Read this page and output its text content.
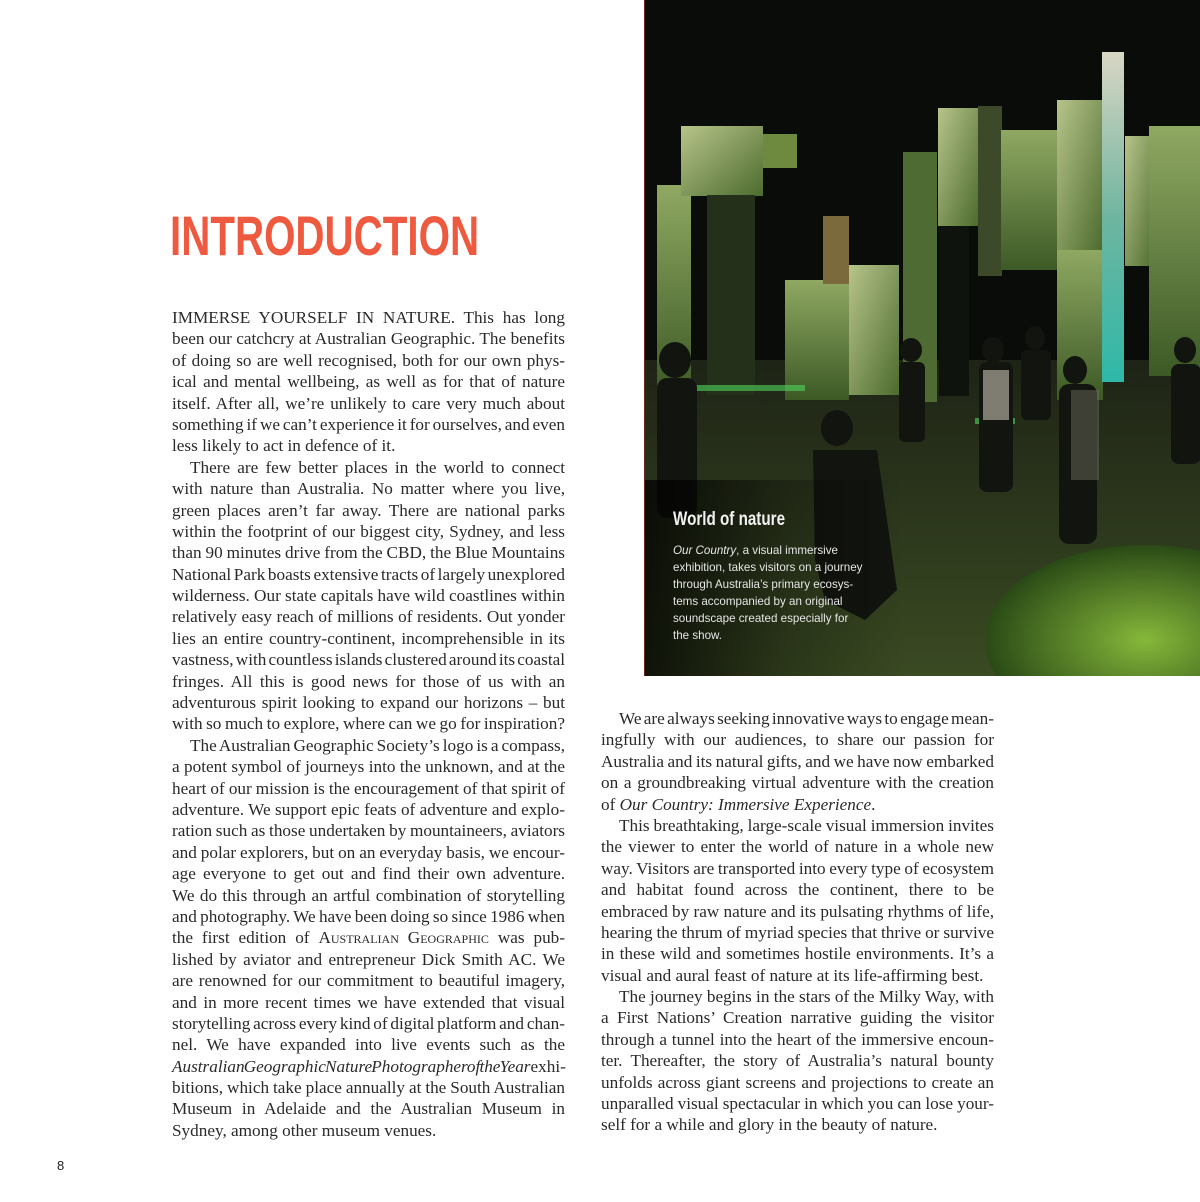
INTRODUCTION
IMMERSE YOURSELF IN NATURE. This has long
been our catchcry at Australian Geographic. The benefits
of doing so are well recognised, both for our own phys-
ical and mental wellbeing, as well as for that of nature
itself. After all, we’re unlikely to care very much about
something if we can’t experience it for ourselves, and even
less likely to act in defence of it.
There are few better places in the world to connect
with nature than Australia. No matter where you live,
green places aren’t far away. There are national parks
within the footprint of our biggest city, Sydney, and less
than 90 minutes drive from the CBD, the Blue Mountains
National Park boasts extensive tracts of largely unexplored
wilderness. Our state capitals have wild coastlines within
relatively easy reach of millions of residents. Out yonder
lies an entire country-continent, incomprehensible in its
vastness, with countless islands clustered around its coastal
fringes. All this is good news for those of us with an
adventurous spirit looking to expand our horizons – but
with so much to explore, where can we go for inspiration?
The Australian Geographic Society’s logo is a compass,
a potent symbol of journeys into the unknown, and at the
heart of our mission is the encouragement of that spirit of
adventure. We support epic feats of adventure and explo-
ration such as those undertaken by mountaineers, aviators
and polar explorers, but on an everyday basis, we encour-
age everyone to get out and find their own adventure.
We do this through an artful combination of storytelling
and photography. We have been doing so since 1986 when
the first edition of Australian Geographic was pub-
lished by aviator and entrepreneur Dick Smith AC. We
are renowned for our commitment to beautiful imagery,
and in more recent times we have extended that visual
storytelling across every kind of digital platform and chan-
nel. We have expanded into live events such as the
Australian Geographic Nature Photographer of the Year exhi-
bitions, which take place annually at the South Australian
Museum in Adelaide and the Australian Museum in
Sydney, among other museum venues.
World of nature
Our Country, a visual immersive
exhibition, takes visitors on a journey
through Australia’s primary ecosys-
tems accompanied by an original
soundscape created especially for
the show.
We are always seeking innovative ways to engage mean-
ingfully with our audiences, to share our passion for
Australia and its natural gifts, and we have now embarked
on a groundbreaking virtual adventure with the creation
of Our Country: Immersive Experience.
This breathtaking, large-scale visual immersion invites
the viewer to enter the world of nature in a whole new
way. Visitors are transported into every type of ecosystem
and habitat found across the continent, there to be
embraced by raw nature and its pulsating rhythms of life,
hearing the thrum of myriad species that thrive or survive
in these wild and sometimes hostile environments. It’s a
visual and aural feast of nature at its life-affirming best.
The journey begins in the stars of the Milky Way, with
a First Nations’ Creation narrative guiding the visitor
through a tunnel into the heart of the immersive encoun-
ter. Thereafter, the story of Australia’s natural bounty
unfolds across giant screens and projections to create an
unparalled visual spectacular in which you can lose your-
self for a while and glory in the beauty of nature.
8
